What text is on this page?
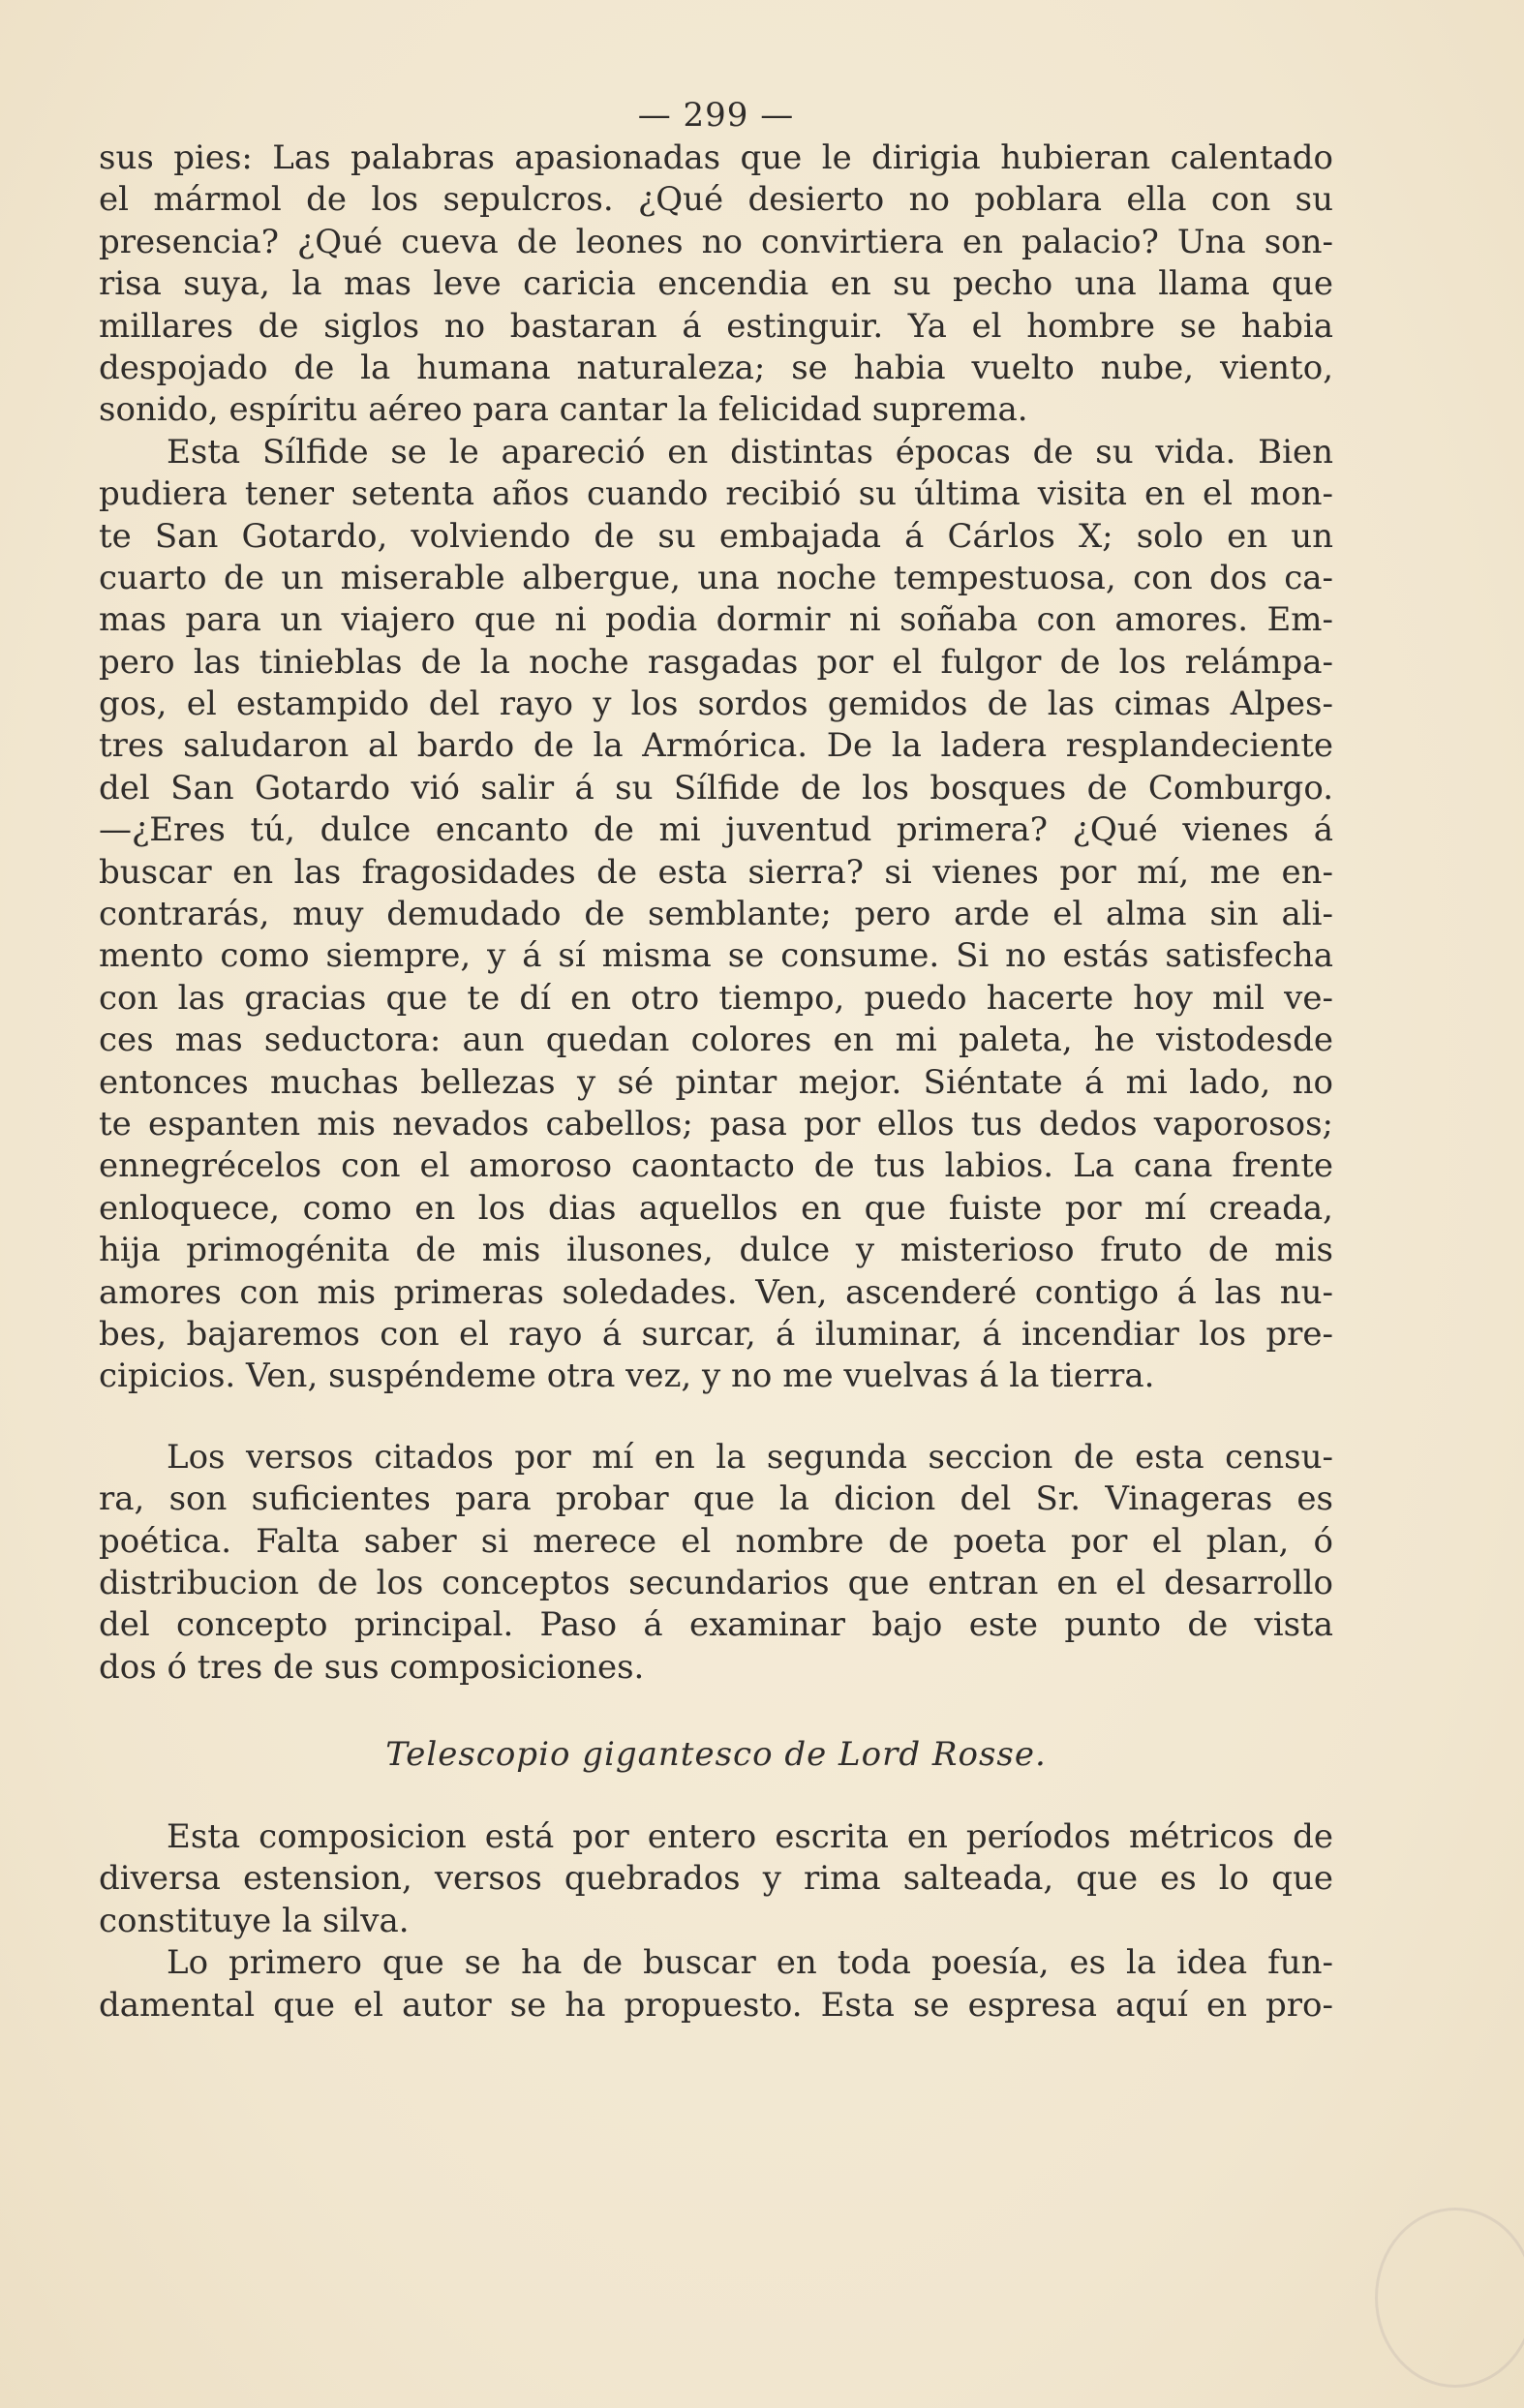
— 299 —
sus pies: Las palabras apasionadas que le dirigia hubieran calentado
el mármol de los sepulcros. ¿Qué desierto no poblara ella con su
presencia? ¿Qué cueva de leones no convirtiera en palacio? Una son-
risa suya, la mas leve caricia encendia en su pecho una llama que
millares de siglos no bastaran á estinguir. Ya el hombre se habia
despojado de la humana naturaleza; se habia vuelto nube, viento,
sonido, espíritu aéreo para cantar la felicidad suprema.
Esta Sílfide se le apareció en distintas épocas de su vida. Bien
pudiera tener setenta años cuando recibió su última visita en el mon-
te San Gotardo, volviendo de su embajada á Cárlos X; solo en un
cuarto de un miserable albergue, una noche tempestuosa, con dos ca-
mas para un viajero que ni podia dormir ni soñaba con amores. Em-
pero las tinieblas de la noche rasgadas por el fulgor de los relámpa-
gos, el estampido del rayo y los sordos gemidos de las cimas Alpes-
tres saludaron al bardo de la Armórica. De la ladera resplandeciente
del San Gotardo vió salir á su Sílfide de los bosques de Comburgo.
—¿Eres tú, dulce encanto de mi juventud primera? ¿Qué vienes á
buscar en las fragosidades de esta sierra? si vienes por mí, me en-
contrarás, muy demudado de semblante; pero arde el alma sin ali-
mento como siempre, y á sí misma se consume. Si no estás satisfecha
con las gracias que te dí en otro tiempo, puedo hacerte hoy mil ve-
ces mas seductora: aun quedan colores en mi paleta, he vistodesde
entonces muchas bellezas y sé pintar mejor. Siéntate á mi lado, no
te espanten mis nevados cabellos; pasa por ellos tus dedos vaporosos;
ennegrécelos con el amoroso caontacto de tus labios. La cana frente
enloquece, como en los dias aquellos en que fuiste por mí creada,
hija primogénita de mis ilusones, dulce y misterioso fruto de mis
amores con mis primeras soledades. Ven, ascenderé contigo á las nu-
bes, bajaremos con el rayo á surcar, á iluminar, á incendiar los pre-
cipicios. Ven, suspéndeme otra vez, y no me vuelvas á la tierra.
Los versos citados por mí en la segunda seccion de esta censu-
ra, son suficientes para probar que la dicion del Sr. Vinageras es
poética. Falta saber si merece el nombre de poeta por el plan, ó
distribucion de los conceptos secundarios que entran en el desarrollo
del concepto principal. Paso á examinar bajo este punto de vista
dos ó tres de sus composiciones.
Telescopio gigantesco de Lord Rosse.
Esta composicion está por entero escrita en períodos métricos de
diversa estension, versos quebrados y rima salteada, que es lo que
constituye la silva.
Lo primero que se ha de buscar en toda poesía, es la idea fun-
damental que el autor se ha propuesto. Esta se espresa aquí en pro-
